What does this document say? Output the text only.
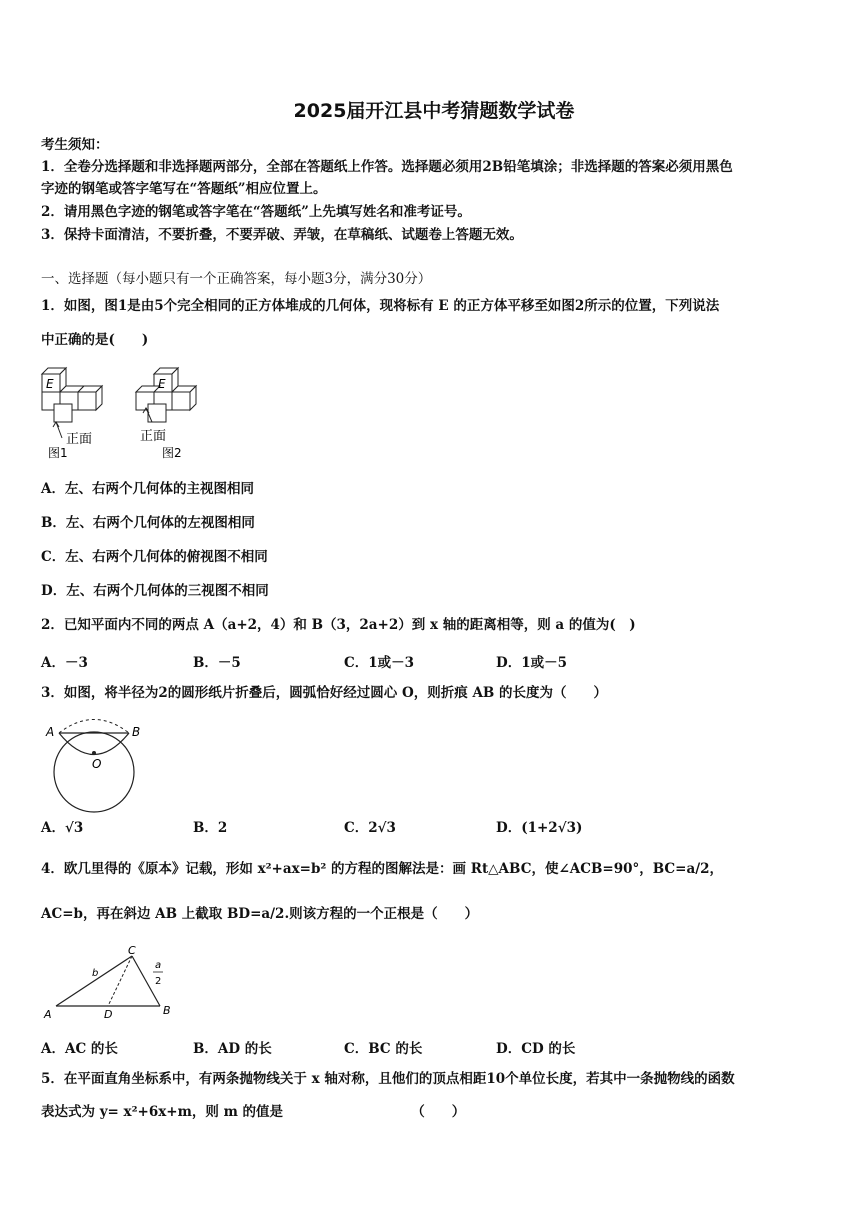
2025届开江县中考猜题数学试卷
考生须知：
1．全卷分选择题和非选择题两部分，全部在答题纸上作答。选择题必须用2B铅笔填涂；非选择题的答案必须用黑色
字迹的钢笔或答字笔写在“答题纸”相应位置上。
2．请用黑色字迹的钢笔或答字笔在“答题纸”上先填写姓名和准考证号。
3．保持卡面清洁，不要折叠，不要弄破、弄皱，在草稿纸、试题卷上答题无效。
一、选择题（每小题只有一个正确答案，每小题3分，满分30分）
1．如图，图1是由5个完全相同的正方体堆成的几何体，现将标有 E 的正方体平移至如图2所示的位置，下列说法
中正确的是(　　)
E	E
正面	正面
图1	图2
A．左、右两个几何体的主视图相同
B．左、右两个几何体的左视图相同
C．左、右两个几何体的俯视图不相同
D．左、右两个几何体的三视图不相同
2．已知平面内不同的两点 A（a+2，4）和 B（3，2a+2）到 x 轴的距离相等，则 a 的值为(　)
A．－3	B．－5	C．1或－3	D．1或－5
3．如图，将半径为2的圆形纸片折叠后，圆弧恰好经过圆心 O，则折痕 AB 的长度为（　　）
A	B
O
A．√3	B．2	C．2√3	D．(1+2√3)
4．欧几里得的《原本》记载，形如 x²+ax=b² 的方程的图解法是：画 Rt△ABC，使∠ACB=90°，BC=a/2，
AC=b，再在斜边 AB 上截取 BD=a/2.则该方程的一个正根是（　　）
A	B
C
D
b
a
2
A．AC 的长	B．AD 的长	C．BC 的长	D．CD 的长
5．在平面直角坐标系中，有两条抛物线关于 x 轴对称，且他们的顶点相距10个单位长度，若其中一条抛物线的函数
表达式为 y= x²+6x+m，则 m 的值是　　　　　　　　　　（　　）
